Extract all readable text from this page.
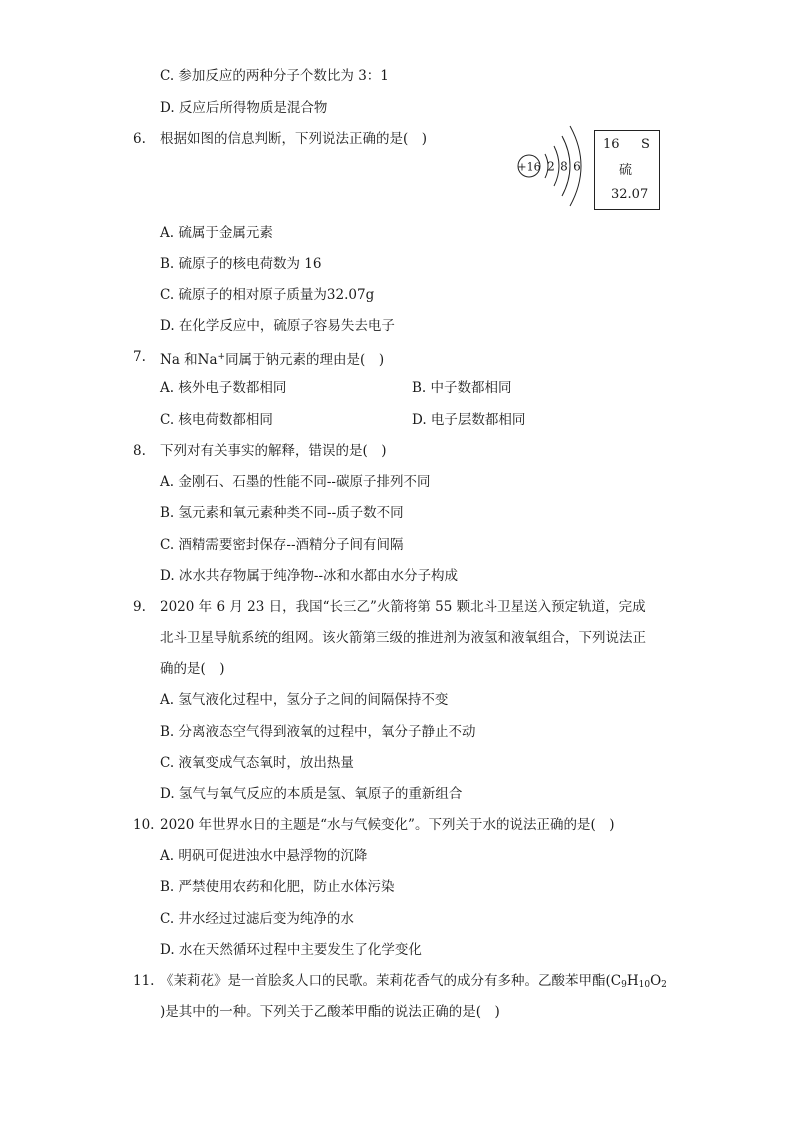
C. 参加反应的两种分子个数比为 3：1
D. 反应后所得物质是混合物
6. 根据如图的信息判断，下列说法正确的是(　)
+16 2 8 6
16 S
硫
32.07
A. 硫属于金属元素
B. 硫原子的核电荷数为 16
C. 硫原子的相对原子质量为32.07g
D. 在化学反应中，硫原子容易失去电子
7. Na 和Na+同属于钠元素的理由是(　)
A. 核外电子数都相同	B. 中子数都相同
C. 核电荷数都相同	D. 电子层数都相同
8. 下列对有关事实的解释，错误的是(　)
A. 金刚石、石墨的性能不同--碳原子排列不同
B. 氢元素和氧元素种类不同--质子数不同
C. 酒精需要密封保存--酒精分子间有间隔
D. 冰水共存物属于纯净物--冰和水都由水分子构成
9. 2020 年 6 月 23 日，我国“长三乙”火箭将第 55 颗北斗卫星送入预定轨道，完成
北斗卫星导航系统的组网。该火箭第三级的推进剂为液氢和液氧组合，下列说法正
确的是(　)
A. 氢气液化过程中，氢分子之间的间隔保持不变
B. 分离液态空气得到液氧的过程中，氧分子静止不动
C. 液氧变成气态氧时，放出热量
D. 氢气与氧气反应的本质是氢、氧原子的重新组合
10. 2020 年世界水日的主题是“水与气候变化”。下列关于水的说法正确的是(　)
A. 明矾可促进浊水中悬浮物的沉降
B. 严禁使用农药和化肥，防止水体污染
C. 井水经过过滤后变为纯净的水
D. 水在天然循环过程中主要发生了化学变化
11. 《茉莉花》是一首脍炙人口的民歌。茉莉花香气的成分有多种。乙酸苯甲酯($C_9H_{10}O_2$
)是其中的一种。下列关于乙酸苯甲酯的说法正确的是(　)
